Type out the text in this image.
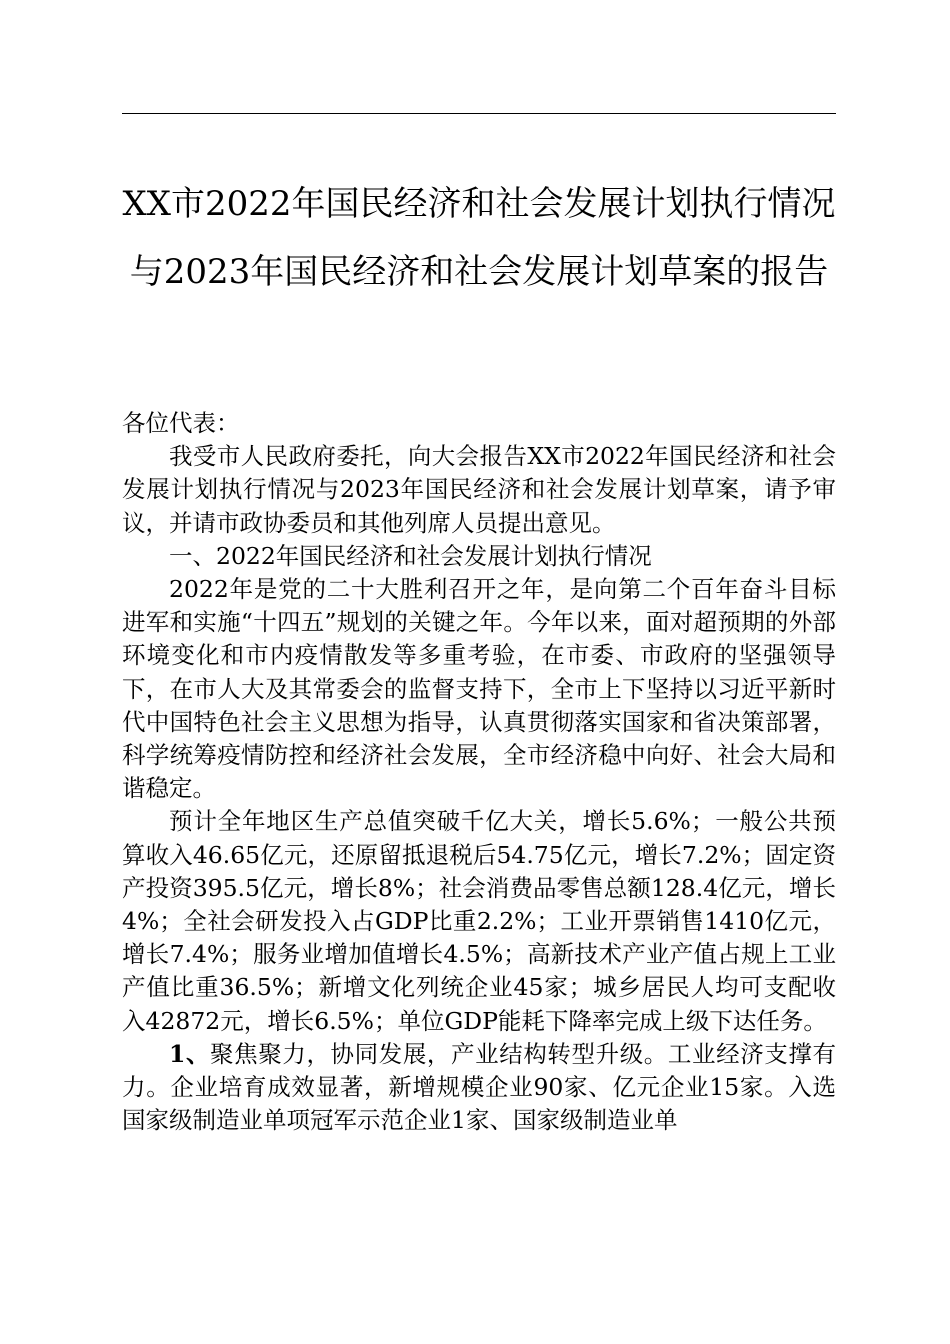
XX市2022年国民经济和社会发展计划执行情况与2023年国民经济和社会发展计划草案的报告

各位代表：

我受市人民政府委托，向大会报告XX市2022年国民经济和社会发展计划执行情况与2023年国民经济和社会发展计划草案，请予审议，并请市政协委员和其他列席人员提出意见。

一、2022年国民经济和社会发展计划执行情况

2022年是党的二十大胜利召开之年，是向第二个百年奋斗目标进军和实施“十四五”规划的关键之年。今年以来，面对超预期的外部环境变化和市内疫情散发等多重考验，在市委、市政府的坚强领导下，在市人大及其常委会的监督支持下，全市上下坚持以习近平新时代中国特色社会主义思想为指导，认真贯彻落实国家和省决策部署，科学统筹疫情防控和经济社会发展，全市经济稳中向好、社会大局和谐稳定。

预计全年地区生产总值突破千亿大关，增长5.6%；一般公共预算收入46.65亿元，还原留抵退税后54.75亿元，增长7.2%；固定资产投资395.5亿元，增长8%；社会消费品零售总额128.4亿元，增长4%；全社会研发投入占GDP比重2.2%；工业开票销售1410亿元，增长7.4%；服务业增加值增长4.5%；高新技术产业产值占规上工业产值比重36.5%；新增文化列统企业45家；城乡居民人均可支配收入42872元，增长6.5%；单位GDP能耗下降率完成上级下达任务。

1、聚焦聚力，协同发展，产业结构转型升级。工业经济支撑有力。企业培育成效显著，新增规模企业90家、亿元企业15家。入选国家级制造业单项冠军示范企业1家、国家级制造业单
